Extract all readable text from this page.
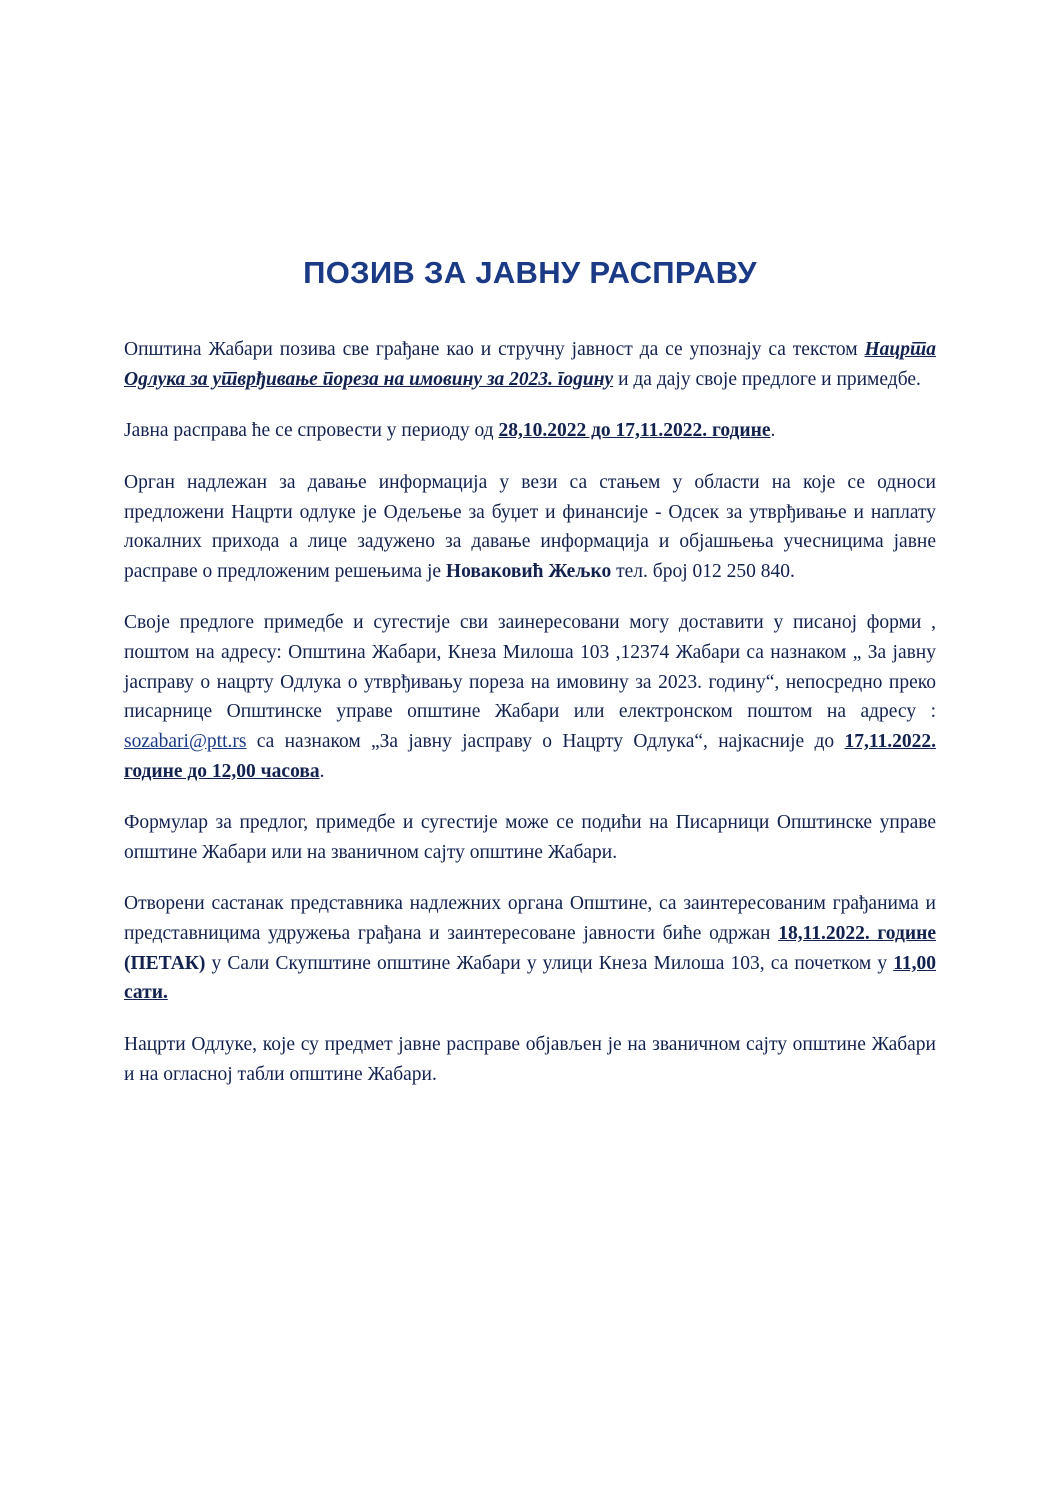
ПОЗИВ ЗА ЈАВНУ РАСПРАВУ

Општина Жабари позива све грађане као и стручну јавност да се упознају са текстом Нацрта Одлука за утврђивање пореза на имовину за 2023. годину и да дају своје предлоге и примедбе.

Јавна расправа ће се спровести у периоду од 28,10.2022 до 17,11.2022. године.

Орган надлежан за давање информација у вези са стањем у области на које се односи предложени Нацрти одлуке је Одељење за буџет и финансије - Одсек за утврђивање и наплату локалних прихода а лице задужено за давање информација и објашњења учесницима јавне расправе о предложеним решењима је Новаковић Жељко тел. број 012 250 840.

Своје предлоге примедбе и сугестије сви заинересовани могу доставити у писаној форми , поштом на адресу: Општина Жабари, Кнеза Милоша 103 ,12374 Жабари са назнаком „ За јавну јасправу о нацрту Одлука о утврђивању пореза на имовину за 2023. годину“, непосредно преко писарнице Општинске управе општине Жабари или електронском поштом на адресу : sozabari@ptt.rs са назнаком „За јавну јасправу о Нацрту Одлука“, најкасније до 17,11.2022. године до 12,00 часова.

Формулар за предлог, примедбе и сугестије може се подићи на Писарници Општинске управе општине Жабари или на званичном сајту општине Жабари.

Отворени састанак представника надлежних органа Општине, са заинтересованим грађанима и представницима удружења грађана и заинтересоване јавности биће одржан 18,11.2022. године (ПЕТАК) у Сали Скупштине општине Жабари у улици Кнеза Милоша 103, са почетком у 11,00 сати.

Нацрти Одлуке, које су предмет јавне расправе објављен је на званичном сајту општине Жабари и на огласној табли општине Жабари.
